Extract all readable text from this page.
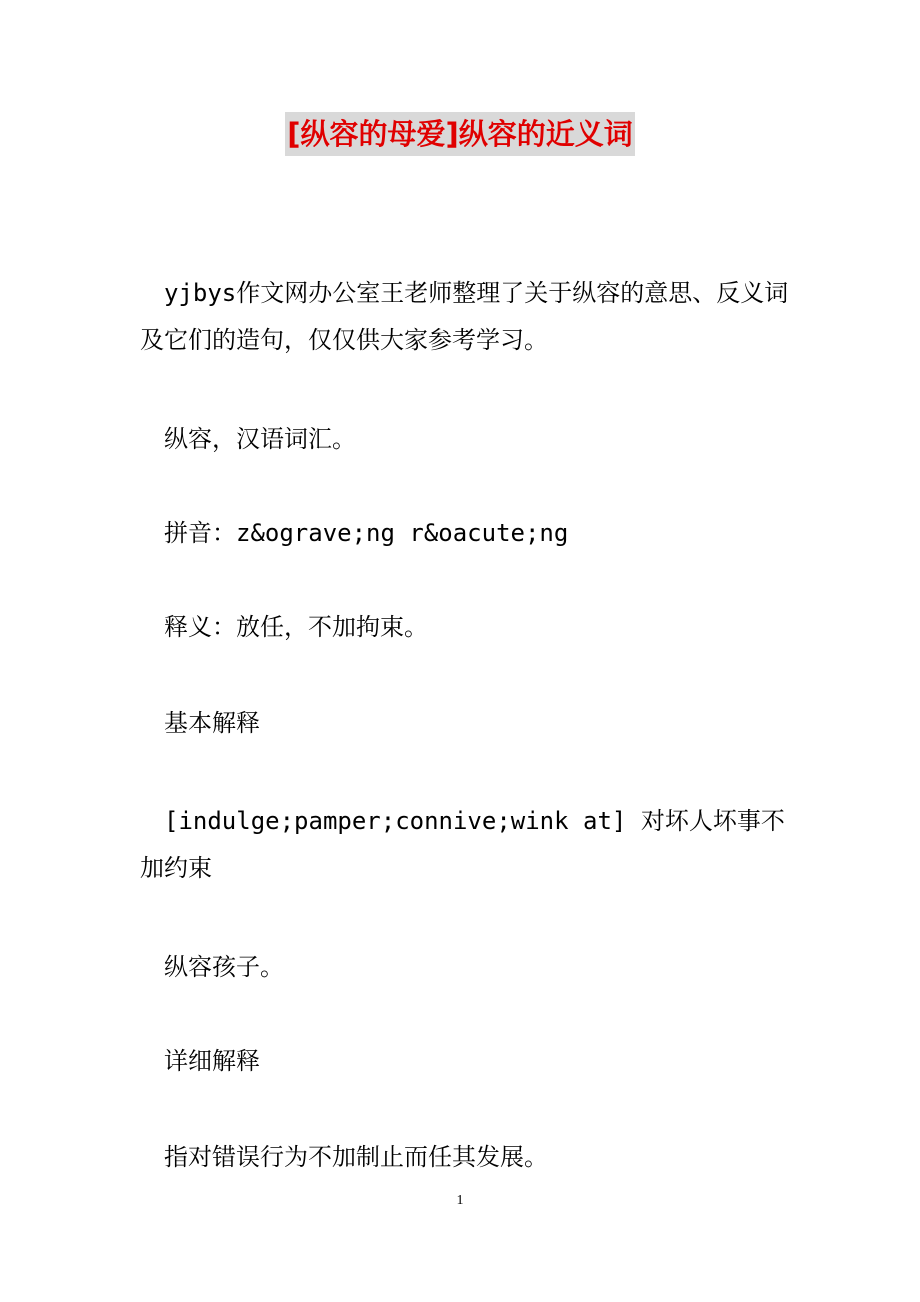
[纵容的母爱]纵容的近义词

yjbys作文网办公室王老师整理了关于纵容的意思、反义词及它们的造句，仅仅供大家参考学习。

纵容，汉语词汇。

拼音：z&ograve;ng r&oacute;ng

释义：放任，不加拘束。

基本解释

[indulge;pamper;connive;wink at] 对坏人坏事不加约束

纵容孩子。

详细解释

指对错误行为不加制止而任其发展。

1
